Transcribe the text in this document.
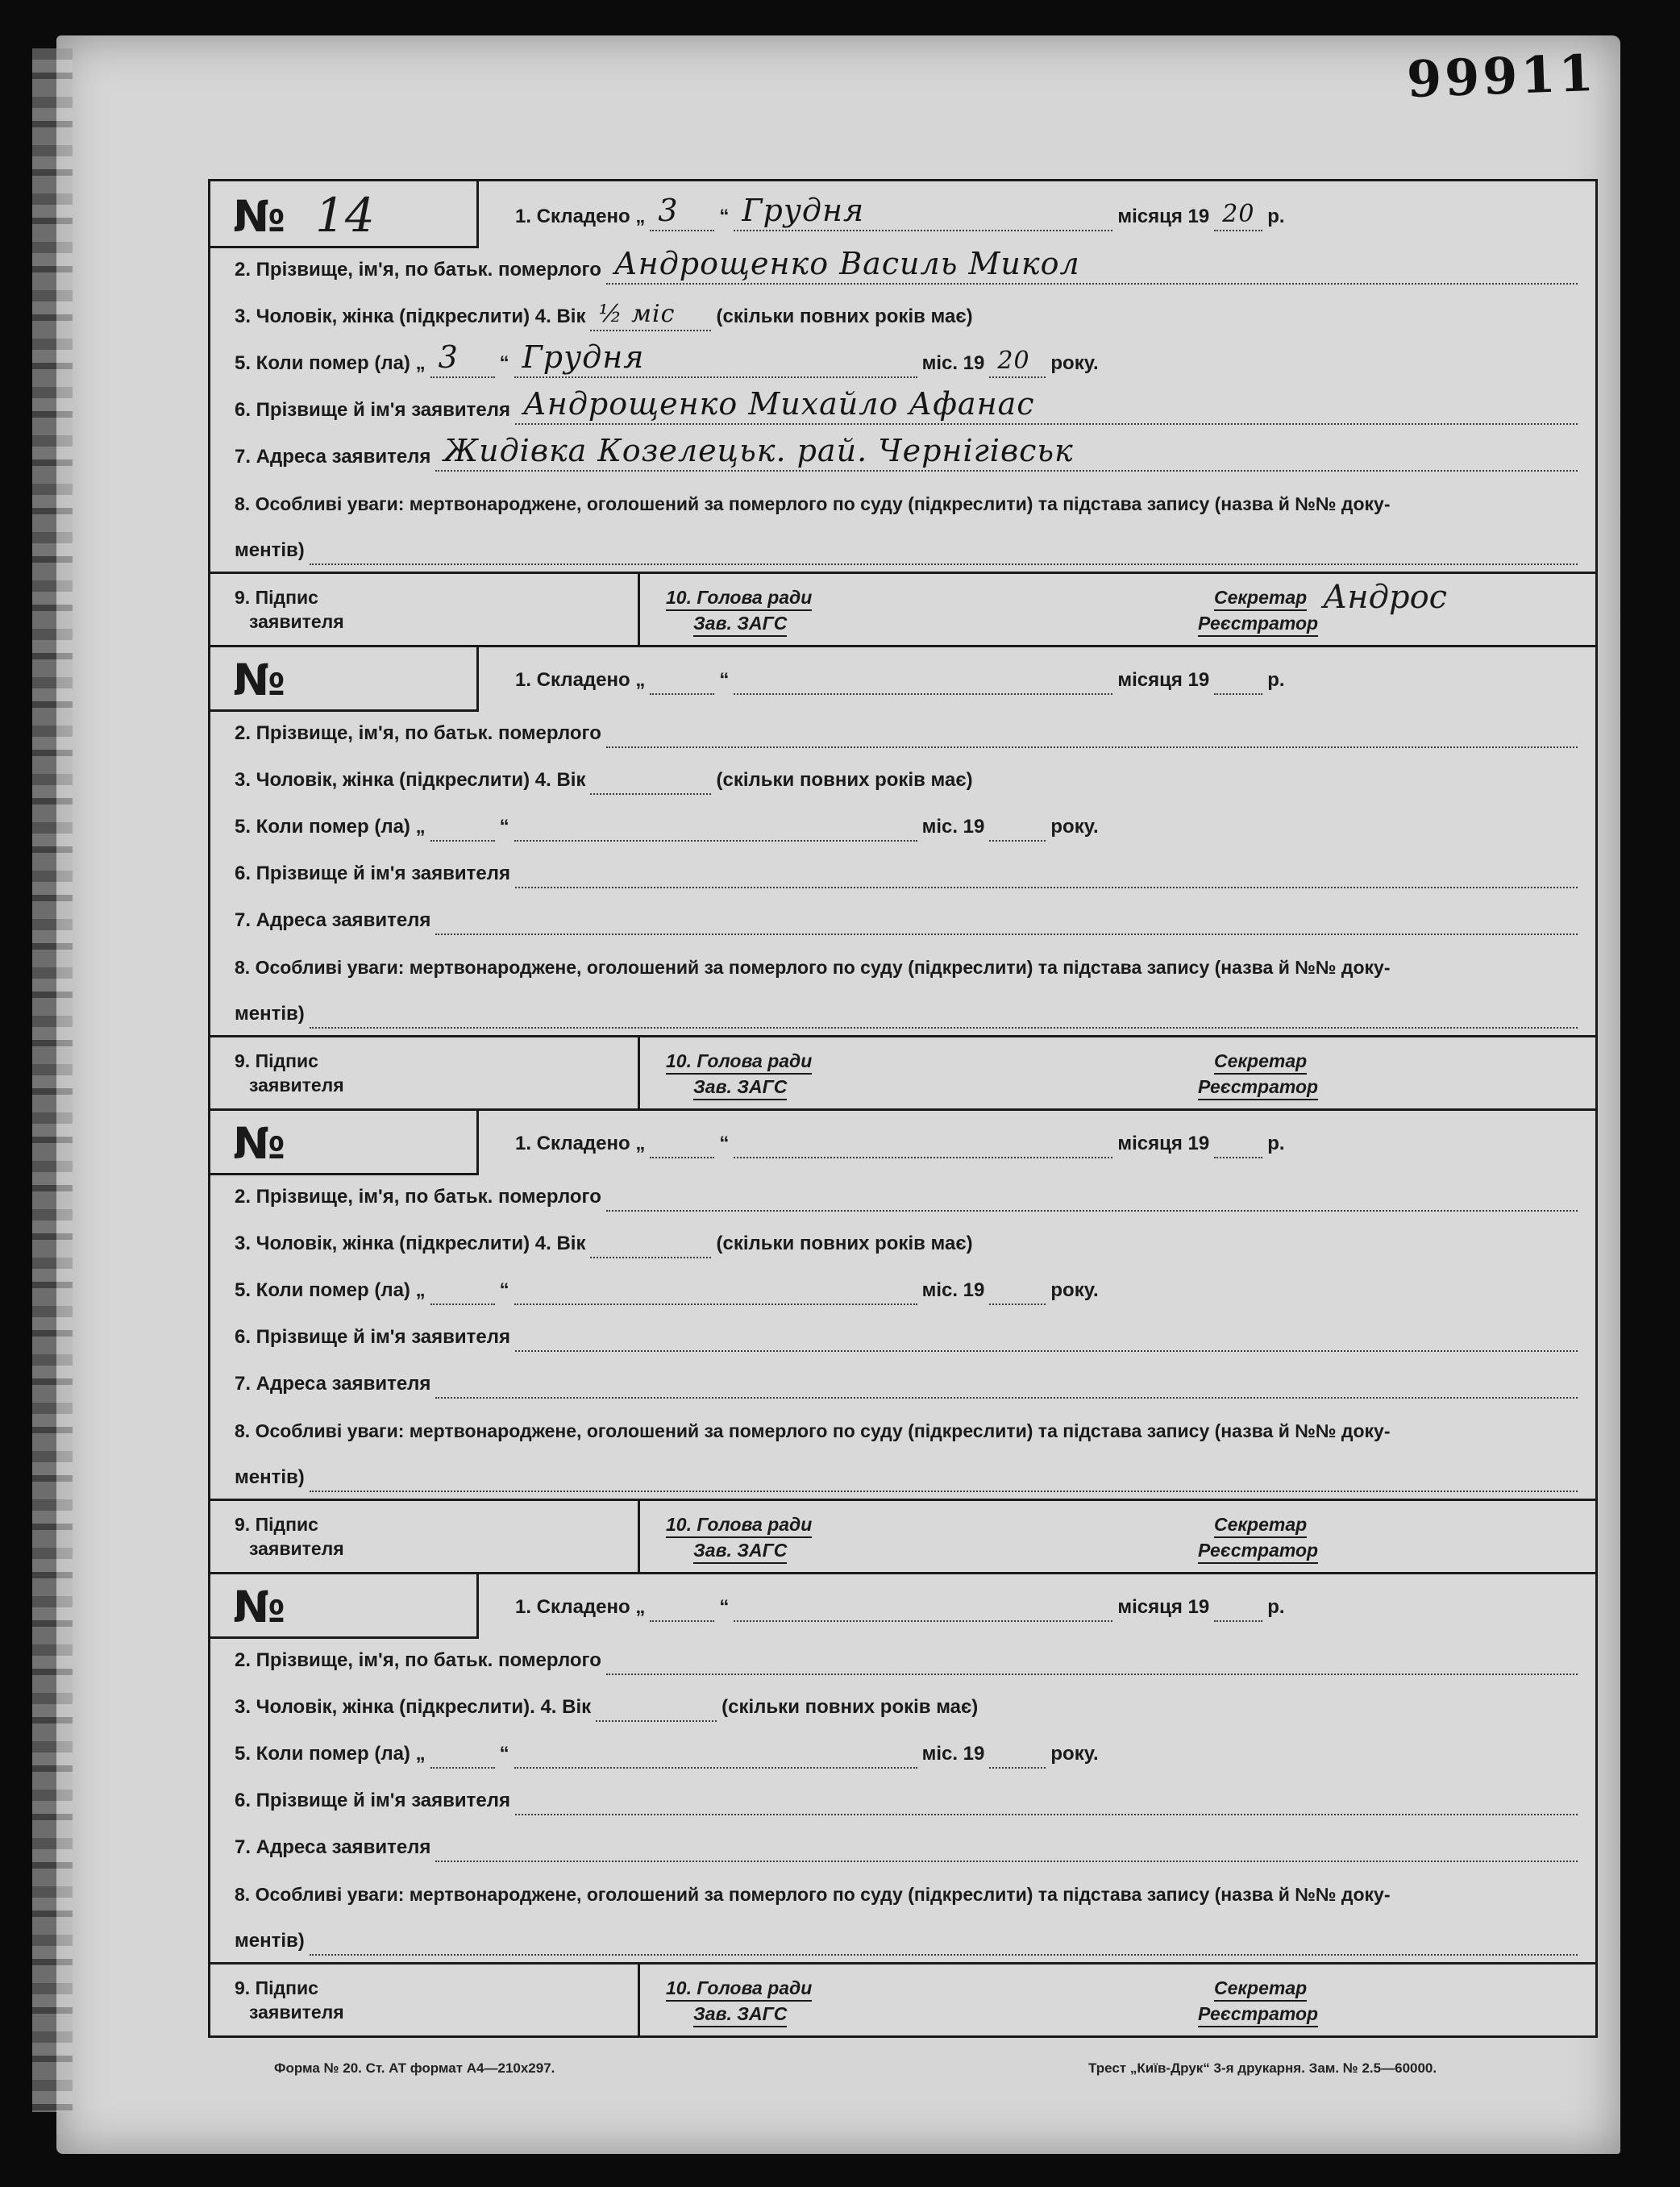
99911
№ 14	1. Складено „ 3 “ Грудня	місяця 19 20 р.
2. Прізвище, ім'я, по батьк. померлого Андрощенко Василь Микол
3. Чоловік, жінка (підкреслити) 4. Вік ½ міс (скільки повних років має)
5. Коли помер (ла) „ 3 “ Грудня	міс. 19 20 року.
6. Прізвище й ім'я заявителя Андрощенко Михайло Афанас
7. Адреса заявителя Жидівка Козелецьк. рай. Чернігівськ
8. Особливі уваги: мертвонароджене, оголошений за померлого по суду (підкреслити) та підстава запису (назва й №№ доку-
ментів)
9. Підпис
заявителя
10. Голова ради
Зав. ЗАГС
Секретар
Реєстратор
Андрос
№	1. Складено „	“	місяця 19	р.
2. Прізвище, ім'я, по батьк. померлого
3. Чоловік, жінка (підкреслити) 4. Вік	(скільки повних років має)
5. Коли помер (ла) „	“	міс. 19	року.
6. Прізвище й ім'я заявителя
7. Адреса заявителя
8. Особливі уваги: мертвонароджене, оголошений за померлого по суду (підкреслити) та підстава запису (назва й №№ доку-
ментів)
9. Підпис
заявителя
10. Голова ради
Зав. ЗАГС
Секретар
Реєстратор
№	1. Складено „	“	місяця 19	р.
2. Прізвище, ім'я, по батьк. померлого
3. Чоловік, жінка (підкреслити) 4. Вік	(скільки повних років має)
5. Коли помер (ла) „	“	міс. 19	року.
6. Прізвище й ім'я заявителя
7. Адреса заявителя
8. Особливі уваги: мертвонароджене, оголошений за померлого по суду (підкреслити) та підстава запису (назва й №№ доку-
ментів)
9. Підпис
заявителя
10. Голова ради
Зав. ЗАГС
Секретар
Реєстратор
№	1. Складено „	“	місяця 19	р.
2. Прізвище, ім'я, по батьк. померлого
3. Чоловік, жінка (підкреслити). 4. Вік	(скільки повних років має)
5. Коли помер (ла) „	“	міс. 19	року.
6. Прізвище й ім'я заявителя
7. Адреса заявителя
8. Особливі уваги: мертвонароджене, оголошений за померлого по суду (підкреслити) та підстава запису (назва й №№ доку-
ментів)
9. Підпис
заявителя
10. Голова ради
Зав. ЗАГС
Секретар
Реєстратор
Форма № 20. Ст. АТ формат А4—210х297.	Трест „Київ-Друк“ 3-я друкарня. Зам. № 2.5—60000.
